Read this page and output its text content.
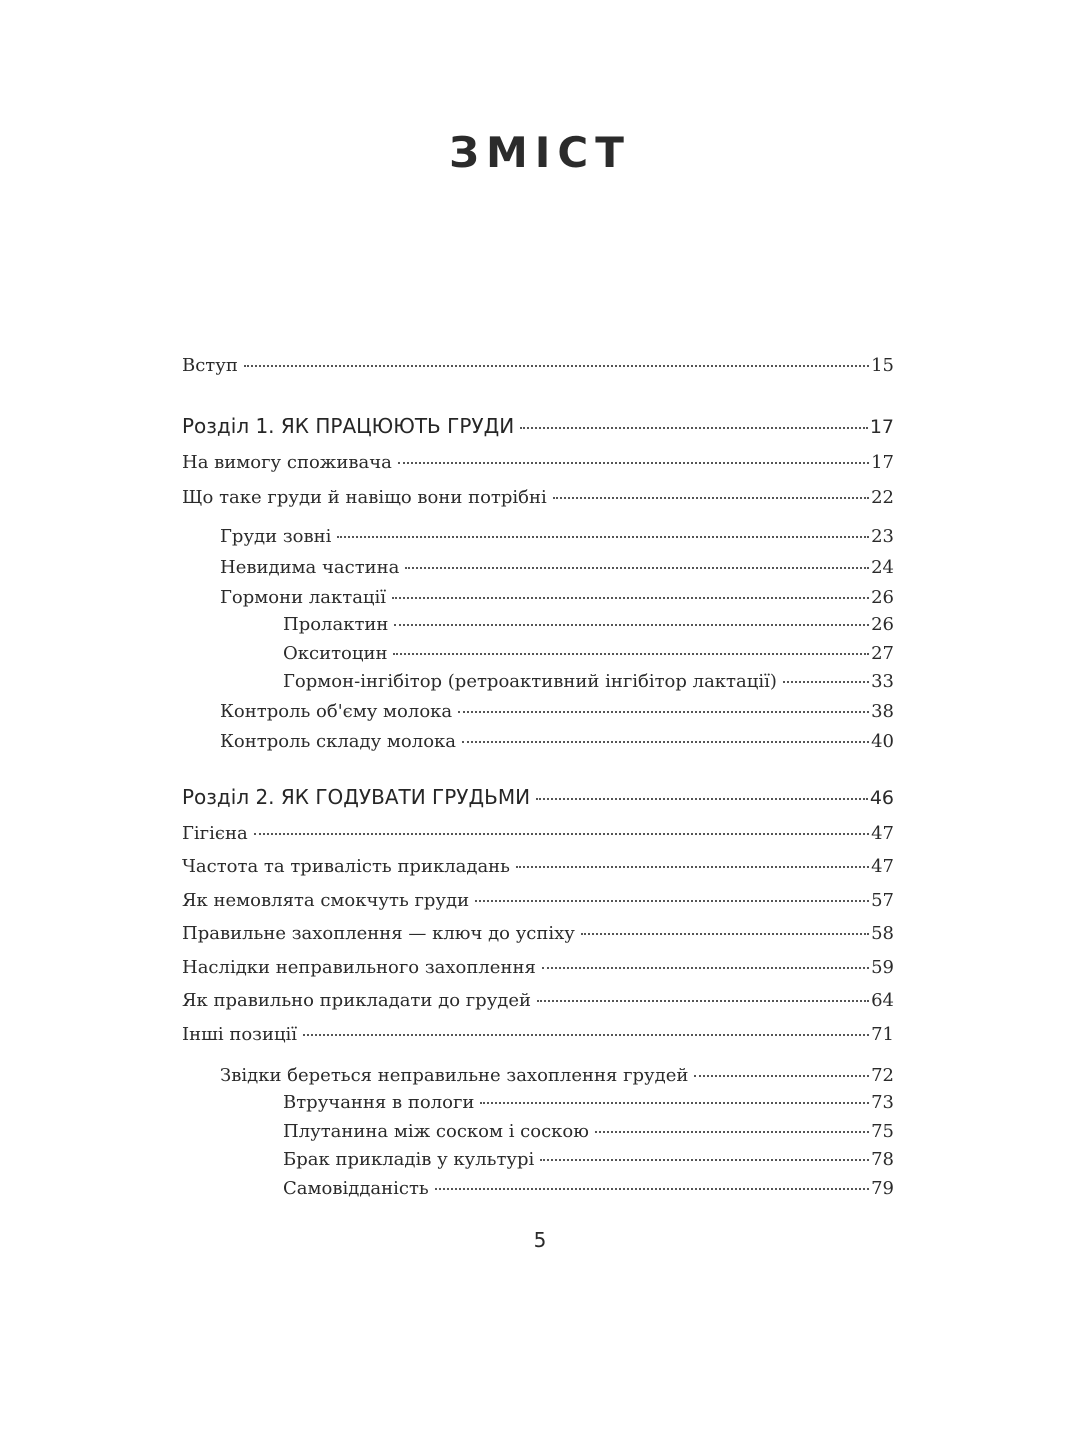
ЗМІСТ
Вступ	15
Розділ 1. ЯК ПРАЦЮЮТЬ ГРУДИ	17
На вимогу споживача	17
Що таке груди й навіщо вони потрібні	22
Груди зовні	23
Невидима частина	24
Гормони лактації	26
Пролактин	26
Окситоцин	27
Гормон-інгібітор (ретроактивний інгібітор лактації)	33
Контроль об'єму молока	38
Контроль складу молока	40
Розділ 2. ЯК ГОДУВАТИ ГРУДЬМИ	46
Гігієна	47
Частота та тривалість прикладань	47
Як немовлята смокчуть груди	57
Правильне захоплення — ключ до успіху	58
Наслідки неправильного захоплення	59
Як правильно прикладати до грудей	64
Інші позиції	71
Звідки береться неправильне захоплення грудей	72
Втручання в пологи	73
Плутанина між соском і соскою	75
Брак прикладів у культурі	78
Самовідданість	79
5
